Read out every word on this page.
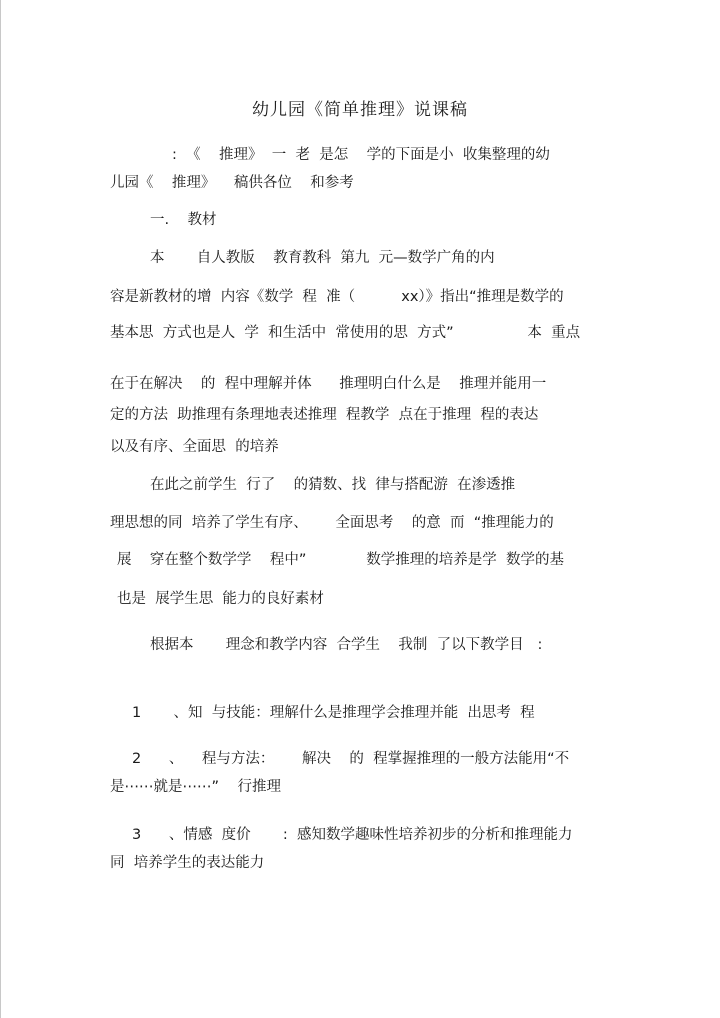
幼儿园《简单推理》说课稿
:  《    推理》  一  老  是怎    学的下面是小  收集整理的幼
儿园《    推理》    稿供各位    和参考
一.    教材
本       自人教版    教育教科  第九  元—数学广角的内
容是新教材的增  内容《数学  程  准（          xx）》指出“推理是数学的
基本思  方式也是人  学  和生活中  常使用的思  方式”                本  重点
在于在解决    的  程中理解并体      推理明白什么是    推理并能用一
定的方法  助推理有条理地表述推理  程教学  点在于推理  程的表达
以及有序、全面思  的培养
在此之前学生  行了    的猜数、找  律与搭配游  在渗透推
理思想的同  培养了学生有序、      全面思考    的意  而  “推理能力的
展    穿在整个数学学    程中”             数学推理的培养是学  数学的基
也是  展学生思  能力的良好素材
根据本       理念和教学内容  合学生    我制  了以下教学目   :
1       、知  与技能：理解什么是推理学会推理并能  出思考  程
2      、    程与方法：      解决    的  程掌握推理的一般方法能用“不
是⋯⋯就是⋯⋯”    行推理
3      、情感  度价       :  感知数学趣味性培养初步的分析和推理能力
同  培养学生的表达能力
